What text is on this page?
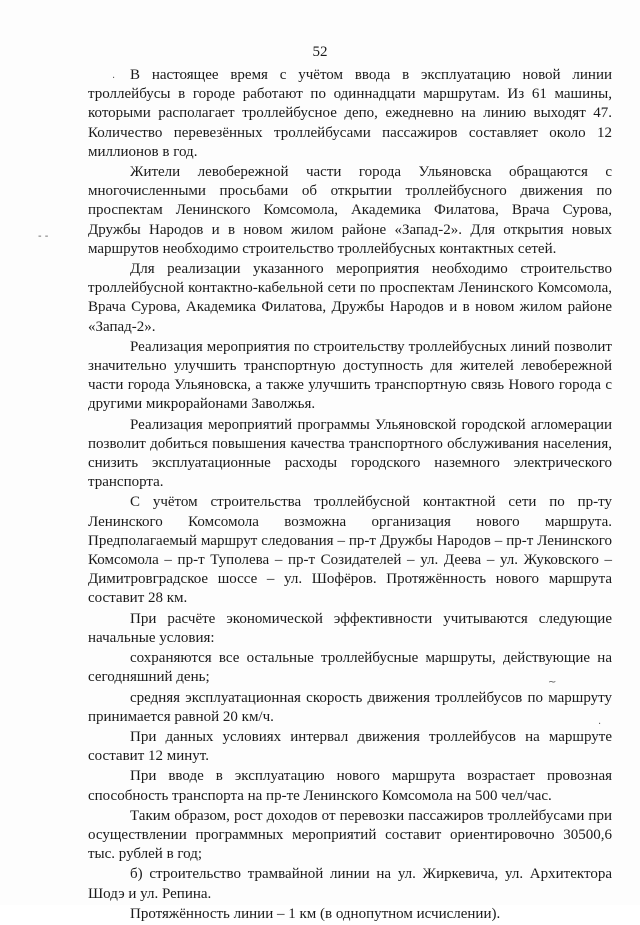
52
·
- -
~
·

В настоящее время с учётом ввода в эксплуатацию новой линии троллейбусы в городе работают по одиннадцати маршрутам. Из 61 машины, которыми располагает троллейбусное депо, ежедневно на линию выходят 47. Количество перевезённых троллейбусами пассажиров составляет около 12 миллионов в год.

Жители левобережной части города Ульяновска обращаются с многочисленными просьбами об открытии троллейбусного движения по проспектам Ленинского Комсомола, Академика Филатова, Врача Сурова, Дружбы Народов и в новом жилом районе «Запад-2». Для открытия новых маршрутов необходимо строительство троллейбусных контактных сетей.

Для реализации указанного мероприятия необходимо строительство троллейбусной контактно-кабельной сети по проспектам Ленинского Комсомола, Врача Сурова, Академика Филатова, Дружбы Народов и в новом жилом районе «Запад-2».

Реализация мероприятия по строительству троллейбусных линий позволит значительно улучшить транспортную доступность для жителей левобережной части города Ульяновска, а также улучшить транспортную связь Нового города с другими микрорайонами Заволжья.

Реализация мероприятий программы Ульяновской городской агломерации позволит добиться повышения качества транспортного обслуживания населения, снизить эксплуатационные расходы городского наземного электрического транспорта.

С учётом строительства троллейбусной контактной сети по пр-ту Ленинского Комсомола возможна организация нового маршрута. Предполагаемый маршрут следования – пр-т Дружбы Народов – пр-т Ленинского Комсомола – пр-т Туполева – пр-т Созидателей – ул. Деева – ул. Жуковского – Димитровградское шоссе – ул. Шофёров. Протяжённость нового маршрута составит 28 км.

При расчёте экономической эффективности учитываются следующие начальные условия:

сохраняются все остальные троллейбусные маршруты, действующие на сегодняшний день;

средняя эксплуатационная скорость движения троллейбусов по маршруту принимается равной 20 км/ч.

При данных условиях интервал движения троллейбусов на маршруте составит 12 минут.

При вводе в эксплуатацию нового маршрута возрастает провозная способность транспорта на пр-те Ленинского Комсомола на 500 чел/час.

Таким образом, рост доходов от перевозки пассажиров троллейбусами при осуществлении программных мероприятий составит ориентировочно 30500,6 тыс. рублей в год;

б) строительство трамвайной линии на ул. Жиркевича, ул. Архитектора Шодэ и ул. Репина.

Протяжённость линии – 1 км (в однопутном исчислении).
